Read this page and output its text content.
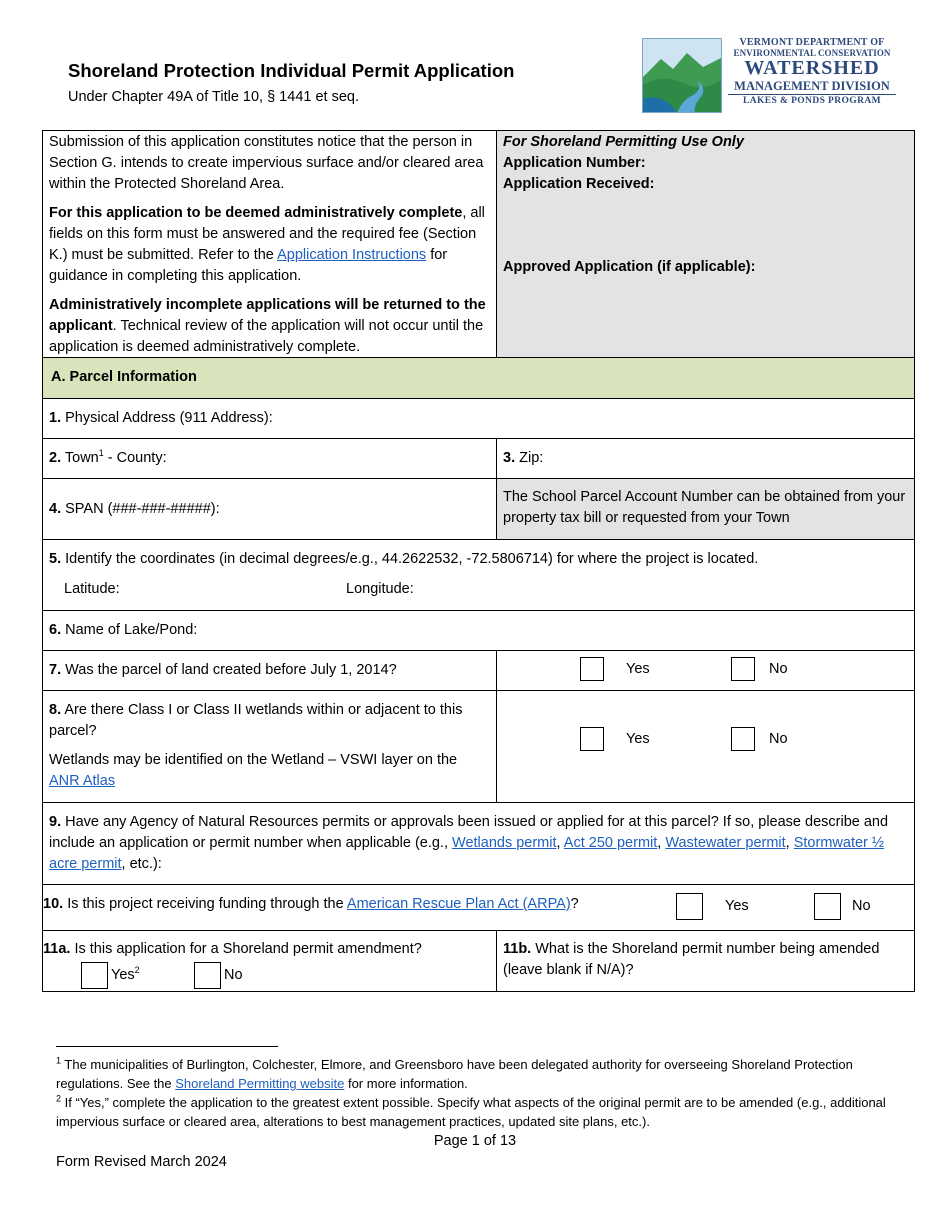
Shoreland Protection Individual Permit Application
Under Chapter 49A of Title 10, § 1441 et seq.
VERMONT DEPARTMENT OF
ENVIRONMENTAL CONSERVATION
WATERSHED
MANAGEMENT DIVISION
LAKES & PONDS PROGRAM

Submission of this application constitutes notice that the person in Section G. intends to create impervious surface and/or cleared area within the Protected Shoreland Area.

For this application to be deemed administratively complete, all fields on this form must be answered and the required fee (Section K.) must be submitted. Refer to the Application Instructions for guidance in completing this application.

Administratively incomplete applications will be returned to the applicant. Technical review of the application will not occur until the application is deemed administratively complete.

For Shoreland Permitting Use Only
Application Number:
Application Received:
Approved Application (if applicable):
A. Parcel Information
1. Physical Address (911 Address):
2. Town$^1$ - County:	3. Zip:
4. SPAN (###-###-#####):
The School Parcel Account Number can be obtained from your property tax bill or requested from your Town
5. Identify the coordinates (in decimal degrees/e.g., 44.2622532, -72.5806714) for where the project is located.
Latitude:	Longitude:
6. Name of Lake/Pond:
7. Was the parcel of land created before July 1, 2014?	Yes	No
8. Are there Class I or Class II wetlands within or adjacent to this parcel?
Wetlands may be identified on the Wetland – VSWI layer on the ANR Atlas
Yes	No
9. Have any Agency of Natural Resources permits or approvals been issued or applied for at this parcel? If so, please describe and include an application or permit number when applicable (e.g., Wetlands permit, Act 250 permit, Wastewater permit, Stormwater ½ acre permit, etc.):
10. Is this project receiving funding through the American Rescue Plan Act (ARPA)?	Yes	No
11a. Is this application for a Shoreland permit amendment?
Yes$^2$	No
11b. What is the Shoreland permit number being amended (leave blank if N/A)?
$^1$ The municipalities of Burlington, Colchester, Elmore, and Greensboro have been delegated authority for overseeing Shoreland Protection regulations. See the Shoreland Permitting website for more information.
$^2$ If “Yes,” complete the application to the greatest extent possible. Specify what aspects of the original permit are to be amended (e.g., additional impervious surface or cleared area, alterations to best management practices, updated site plans, etc.).
Page 1 of 13
Form Revised March 2024
